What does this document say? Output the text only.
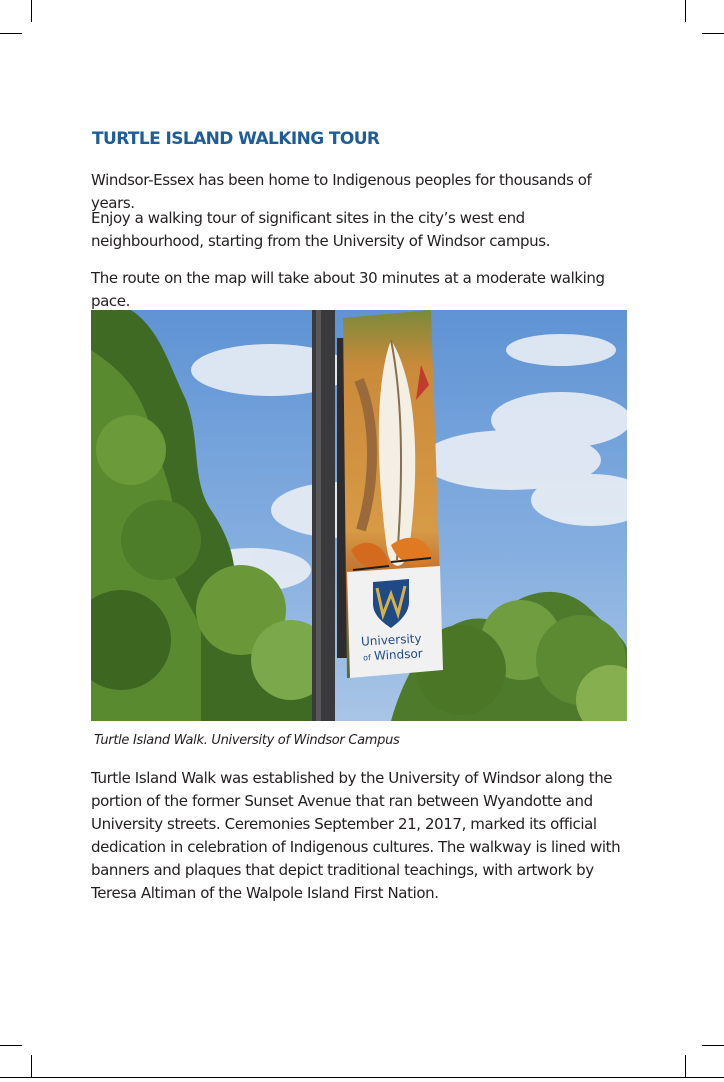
TURTLE ISLAND WALKING TOUR
Windsor-Essex has been home to Indigenous peoples for thousands of years.
Enjoy a walking tour of significant sites in the city’s west end neighbourhood, starting from the University of Windsor campus.
The route on the map will take about 30 minutes at a moderate walking pace.
University
of Windsor
Turtle Island Walk. University of Windsor Campus
Turtle Island Walk was established by the University of Windsor along the portion of the former Sunset Avenue that ran between Wyandotte and University streets. Ceremonies September 21, 2017, marked its official dedication in celebration of Indigenous cultures. The walkway is lined with banners and plaques that depict traditional teachings, with artwork by Teresa Altiman of the Walpole Island First Nation.
